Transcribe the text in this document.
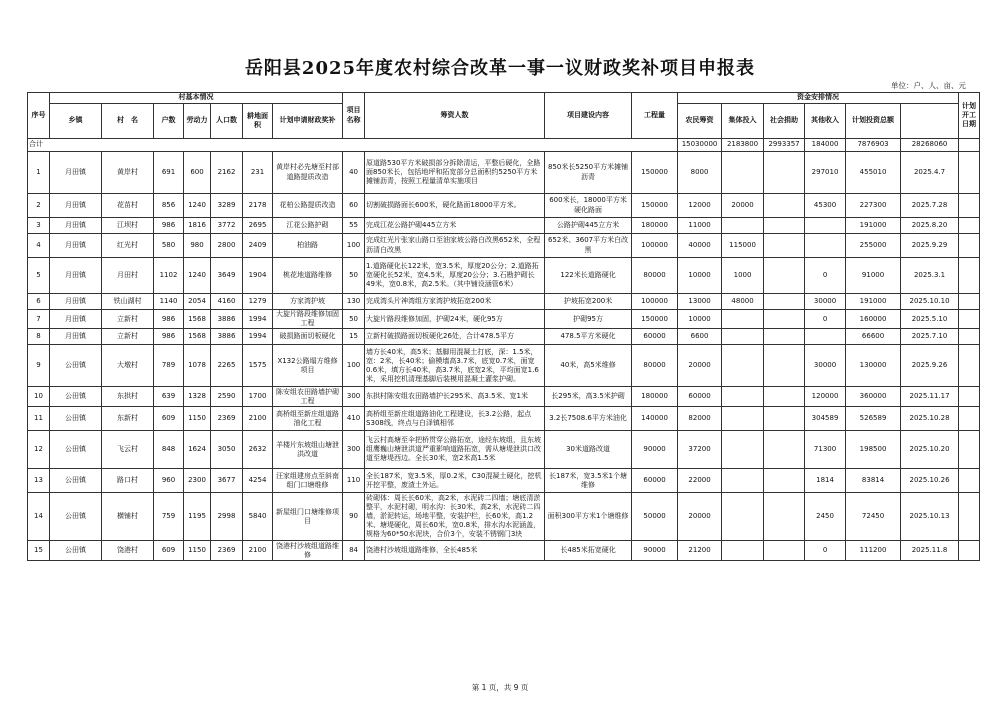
岳阳县2025年度农村综合改革一事一议财政奖补项目申报表
单位：户、人、亩、元
序号	村基本情况							项目名称	筹资人数	项目建设内容	工程量	资金安排情况						计划开工日期	
	乡镇	村　名	户数	劳动力	人口数	耕地面积	计划申请财政奖补					农民筹资	集体投入	社会捐助	其他收入	计划投资总额			
合计												15030000	2183800	2993357	184000	7876903	28268060		
1	月田镇	黄岸村	691	600	2162	231	黄岸村必先塘至村部道路提质改造	40	原道路530平方米破损部分拆除清运，平整后硬化，全路面850米长，包括地坪和拓宽部分总面积约5250平方米摊铺沥青，按照工程量清单实施项目	850米长5250平方米摊铺沥青	150000	8000			297010	455010	2025.4.7		
2	月田镇	花苗村	856	1240	3289	2178	花柏公路提质改造	60	切割破损路面长600米，硬化路面18000平方米。	600米长，18000平方米硬化路面	150000	12000	20000		45300	227300	2025.7.28		
3	月田镇	江坝村	986	1816	3772	2695	江花公路护砌	55	完成江花公路护砌445立方米	公路护砌445立方米	180000	11000				191000	2025.8.20		
4	月田镇	红光村	580	980	2800	2409	柏油路	100	完成红光片张家山路口至油家坡公路白改黑652米，全程沥清白改黑	652米、3607平方米白改黑	100000	40000	115000			255000	2025.9.29		
5	月田镇	月田村	1102	1240	3649	1904	桃花地道路维修	50	1.道路硬化长122米，宽3.5米，厚度20公分；2.道路拓宽硬化长52米，宽4.5米，厚度20公分；3.石勘护砌长49米，宽0.8米，高2.5米。（其中铺设涵管6米）	122米长道路硬化	80000	10000	1000		0	91000	2025.3.1		
6	月田镇	铁山湖村	1140	2054	4160	1279	方家湾护坡	130	完成湾头片神湾组方家湾护坡拓宽200米	护坡拓宽200米	100000	13000	48000		30000	191000	2025.10.10		
7	月田镇	立新村	986	1568	3886	1994	大旋片路段维修加固工程	50	大旋片路段维修加固，护砌24米，硬化95方	护砌95方	150000	10000			0	160000	2025.5.10		
8	月田镇	立新村	986	1568	3886	1994	破损路面切板硬化	15	立新村破损路面切板硬化26处，合计478.5平方	478.5平方米硬化	60000	6600				66600	2025.7.10		
9	公田镇	大墩村	789	1078	2265	1575	X132公路塌方维修项目	100	墙方长40米，高5米；基脚用混凝土打底，深：1.5米，宽：2米，长40米；偷模墙高3.7米，底宽0.7米，面宽0.6米，填方长40米，高3.7米，底宽2米，平均面宽1.6米，采用挖机清理基脚后装模用混凝土灌浆护砌。	40米，高5米维修	80000	20000			30000	130000	2025.9.26		
10	公田镇	东拱村	639	1328	2590	1700	陈安组农田路墙护砌工程	300	东拱村陈安组农田路墙护长295米、高3.5米、宽1米	长295米，高3.5米护砌	180000	60000			120000	360000	2025.11.17		
11	公田镇	东新村	609	1150	2369	2100	高桥组至新庄组道路油化工程	410	高桥组至新庄组道路油化工程建设，长3.2公路，起点S308线，终点与白泽镇相邻	3.2长7508.6平方米油化	140000	82000			304589	526589	2025.10.28		
12	公田镇	飞云村	848	1624	3050	2632	羊楼片东坡组山塘泄洪改道	300	飞云村高塘至伞把桥贯穿公路拓宽，途经东坡组，且东坡组鹰巍山塘泄洪道严重影响道路拓宽，需从塘堤泄洪口改道至塘堤西边。全长30米，宽2米高1.5米	30米道路改道	90000	37200			71300	198500	2025.10.20		
13	公田镇	路口村	960	2300	3677	4254	汪家组建房点至斜南组门口塘维修	110	全长187米，宽3.5米，厚0.2米，C30混凝土硬化，挖机开挖平整，废渣土外运。	长187米，宽3.5米1个塘维修	60000	22000			1814	83814	2025.10.26		
14	公田镇	横铺村	759	1195	2998	5840	新屋组门口塘维修项目	90	砖砌体：周长长60米，高2米，水泥砖二四墙；塘底清淤整平，水泥村砌，明水沟：长30米，高2米，水泥砖二四墙，淤泥转运，场地平整，安装护栏，长60米，高1.2米、塘堤硬化，周长60米，宽0.8米，排水沟水泥涵盖，规格为60*50水泥块，合价3个，安装不锈钢门3块	面积300平方米1个塘维修	50000	20000			2450	72450	2025.10.13		
15	公田镇	饶港村	609	1150	2369	2100	饶港村沙坡组道路维修	84	饶港村沙坡组道路维修，全长485米	长485米拓宽硬化	90000	21200			0	111200	2025.11.8		
第 1 页，共 9 页
